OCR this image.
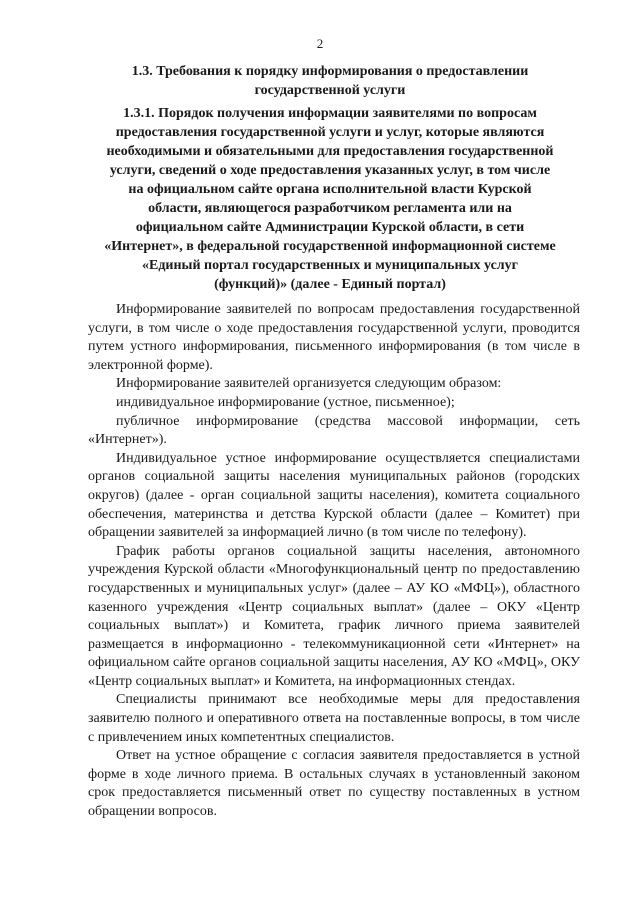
2
1.3. Требования к порядку информирования о предоставлении
государственной услуги
1.3.1. Порядок получения информации заявителями по вопросам
предоставления государственной услуги и услуг, которые являются
необходимыми и обязательными для предоставления государственной
услуги, сведений о ходе предоставления указанных услуг, в том числе
на официальном сайте органа исполнительной власти Курской
области, являющегося разработчиком регламента или на
официальном сайте Администрации Курской области, в сети
«Интернет», в федеральной государственной информационной системе
«Единый портал государственных и муниципальных услуг
(функций)» (далее - Единый портал)

Информирование заявителей по вопросам предоставления государственной услуги, в том числе о ходе предоставления государственной услуги, проводится путем устного информирования, письменного информирования (в том числе в электронной форме).

Информирование заявителей организуется следующим образом:

индивидуальное информирование (устное, письменное);

публичное информирование (средства массовой информации, сеть «Интернет»).

Индивидуальное устное информирование осуществляется специалистами органов социальной защиты населения муниципальных районов (городских округов) (далее - орган социальной защиты населения), комитета социального обеспечения, материнства и детства Курской области (далее – Комитет) при обращении заявителей за информацией лично (в том числе по телефону).

График работы органов социальной защиты населения, автономного учреждения Курской области «Многофункциональный центр по предоставлению государственных и муниципальных услуг» (далее – АУ КО «МФЦ»), областного казенного учреждения «Центр социальных выплат» (далее – ОКУ «Центр социальных выплат») и Комитета, график личного приема заявителей размещается в информационно - телекоммуникационной сети «Интернет» на официальном сайте органов социальной защиты населения, АУ КО «МФЦ», ОКУ «Центр социальных выплат» и Комитета, на информационных стендах.

Специалисты принимают все необходимые меры для предоставления заявителю полного и оперативного ответа на поставленные вопросы, в том числе с привлечением иных компетентных специалистов.

Ответ на устное обращение с согласия заявителя предоставляется в устной форме в ходе личного приема. В остальных случаях в установленный законом срок предоставляется письменный ответ по существу поставленных в устном обращении вопросов.
